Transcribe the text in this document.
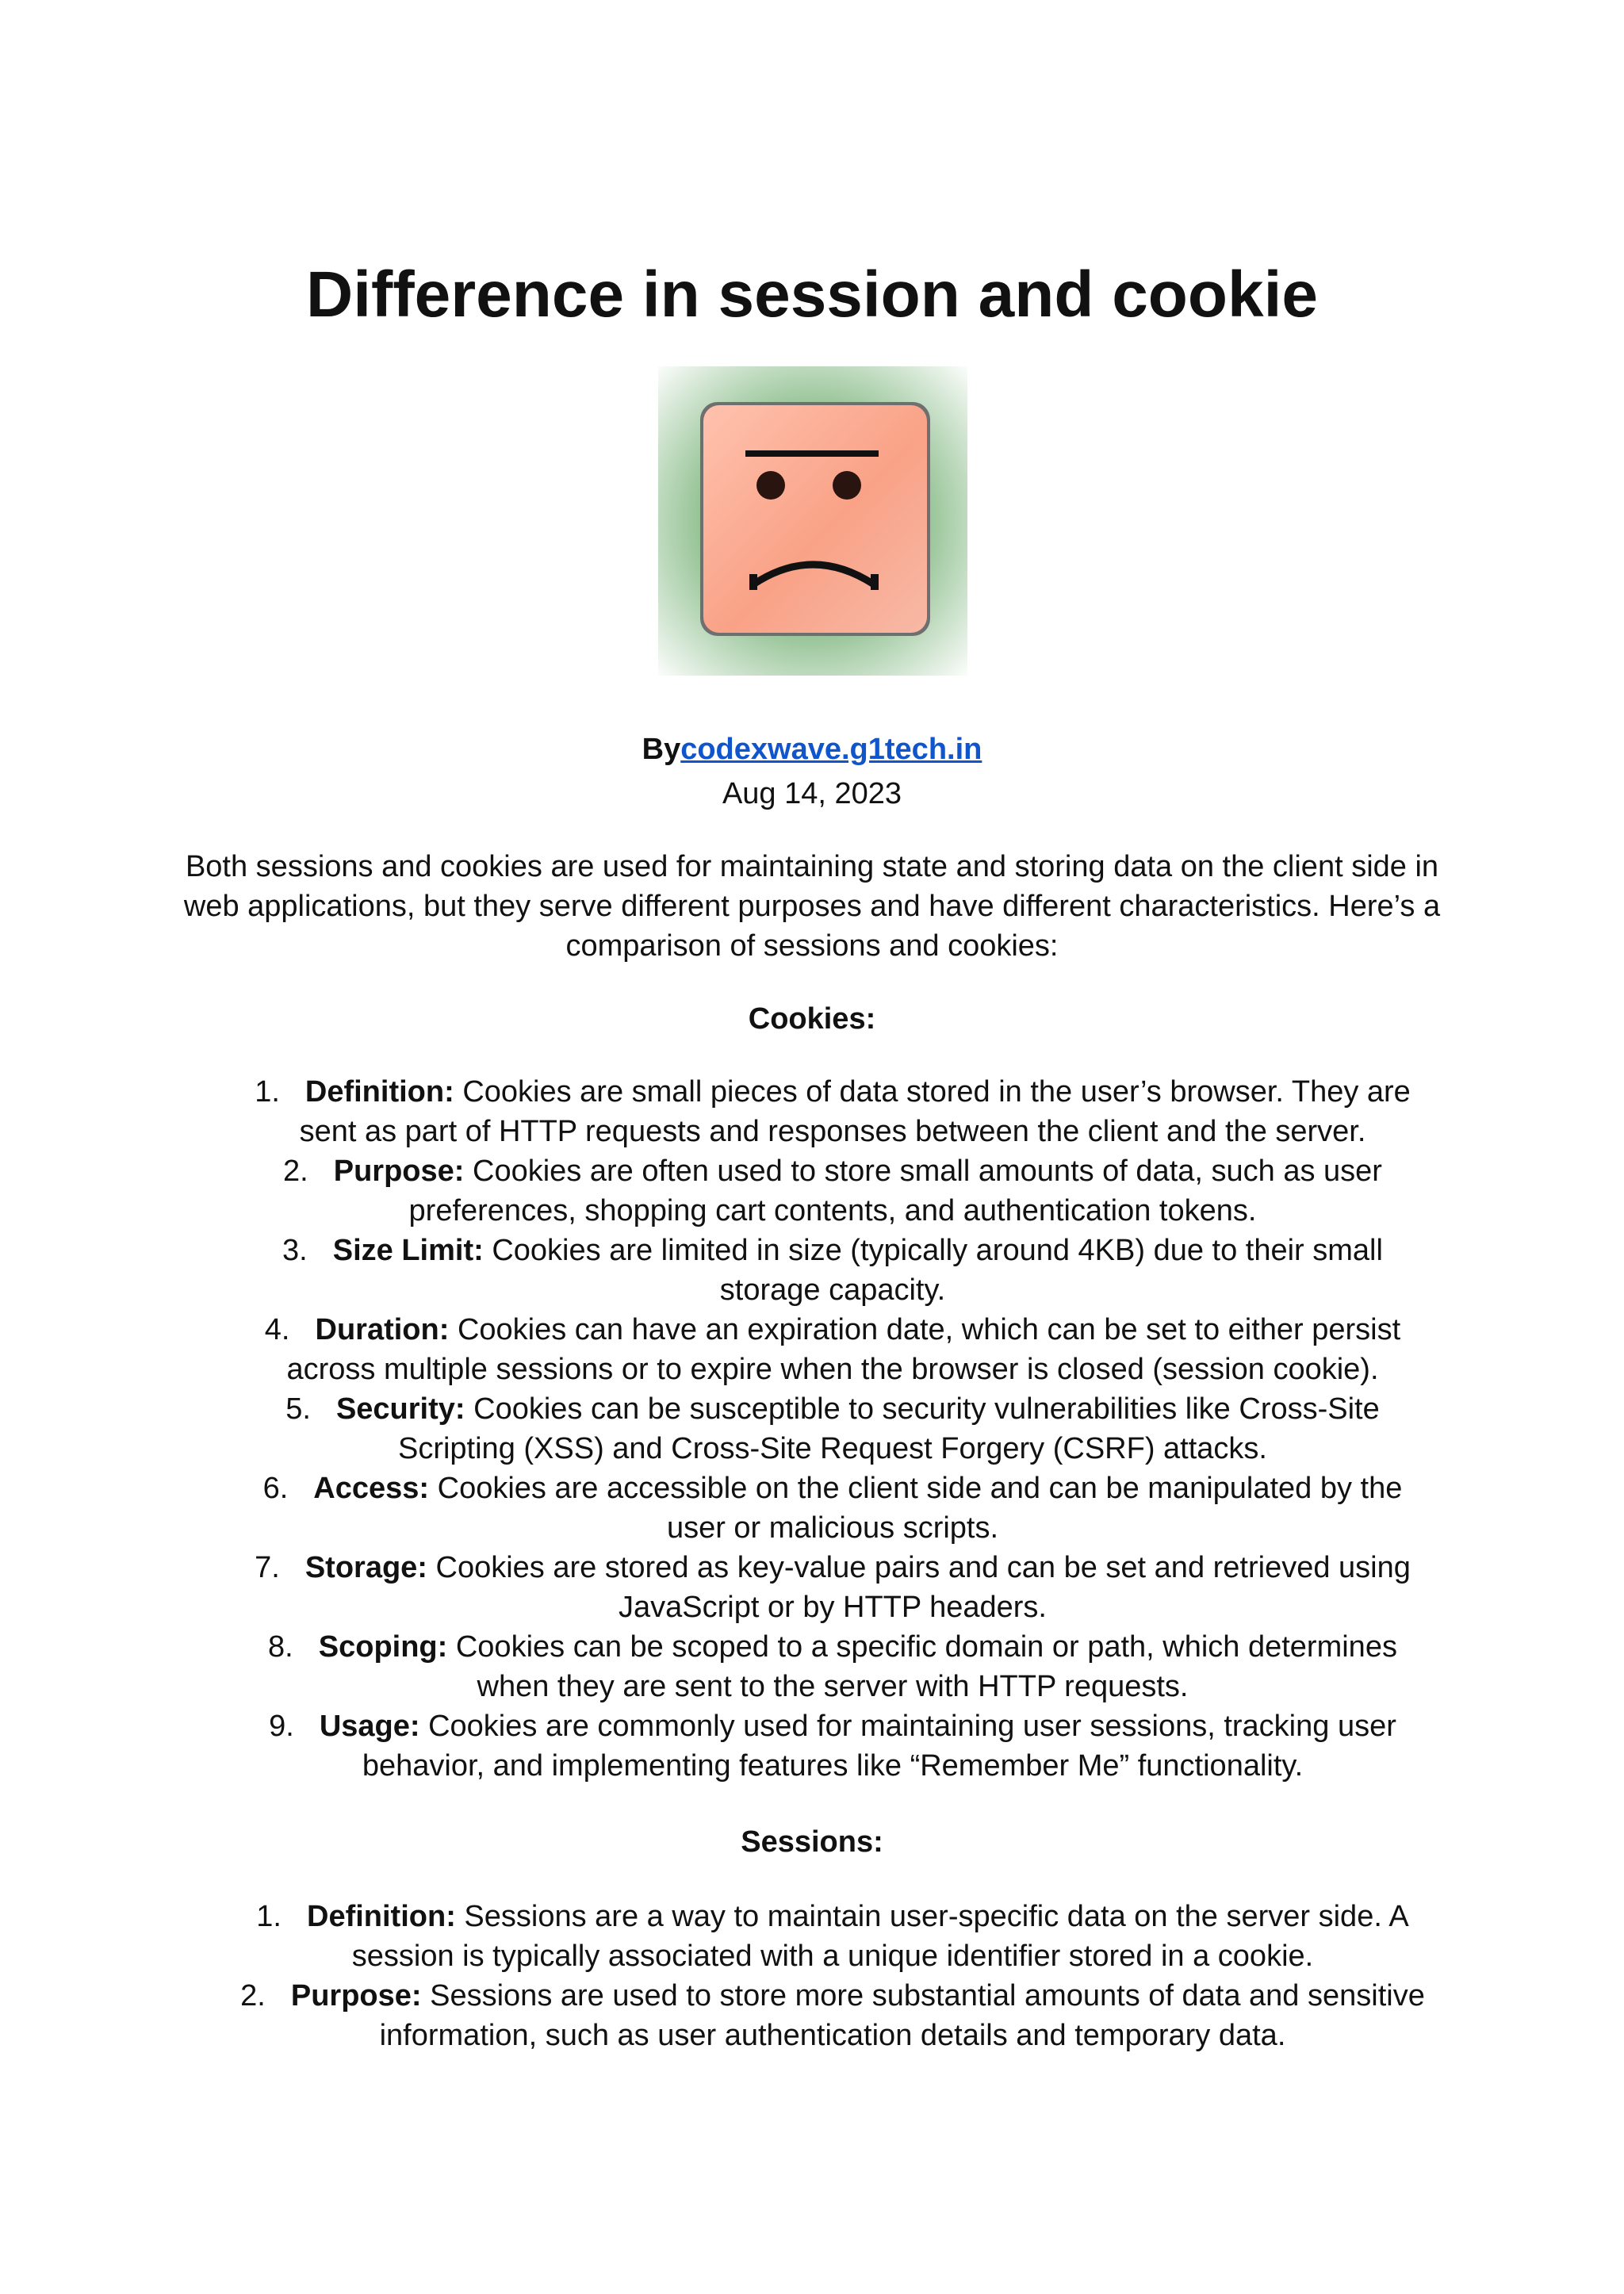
Difference in session and cookie
Bycodexwave.g1tech.in
Aug 14, 2023

Both sessions and cookies are used for maintaining state and storing data on the client side in web applications, but they serve different purposes and have different characteristics. Here’s a comparison of sessions and cookies:

Cookies:
1. Definition: Cookies are small pieces of data stored in the user’s browser. They are sent as part of HTTP requests and responses between the client and the server.
2. Purpose: Cookies are often used to store small amounts of data, such as user preferences, shopping cart contents, and authentication tokens.
3. Size Limit: Cookies are limited in size (typically around 4KB) due to their small storage capacity.
4. Duration: Cookies can have an expiration date, which can be set to either persist across multiple sessions or to expire when the browser is closed (session cookie).
5. Security: Cookies can be susceptible to security vulnerabilities like Cross-Site Scripting (XSS) and Cross-Site Request Forgery (CSRF) attacks.
6. Access: Cookies are accessible on the client side and can be manipulated by the user or malicious scripts.
7. Storage: Cookies are stored as key-value pairs and can be set and retrieved using JavaScript or by HTTP headers.
8. Scoping: Cookies can be scoped to a specific domain or path, which determines when they are sent to the server with HTTP requests.
9. Usage: Cookies are commonly used for maintaining user sessions, tracking user behavior, and implementing features like “Remember Me” functionality.
Sessions:
1. Definition: Sessions are a way to maintain user-specific data on the server side. A session is typically associated with a unique identifier stored in a cookie.
2. Purpose: Sessions are used to store more substantial amounts of data and sensitive information, such as user authentication details and temporary data.
